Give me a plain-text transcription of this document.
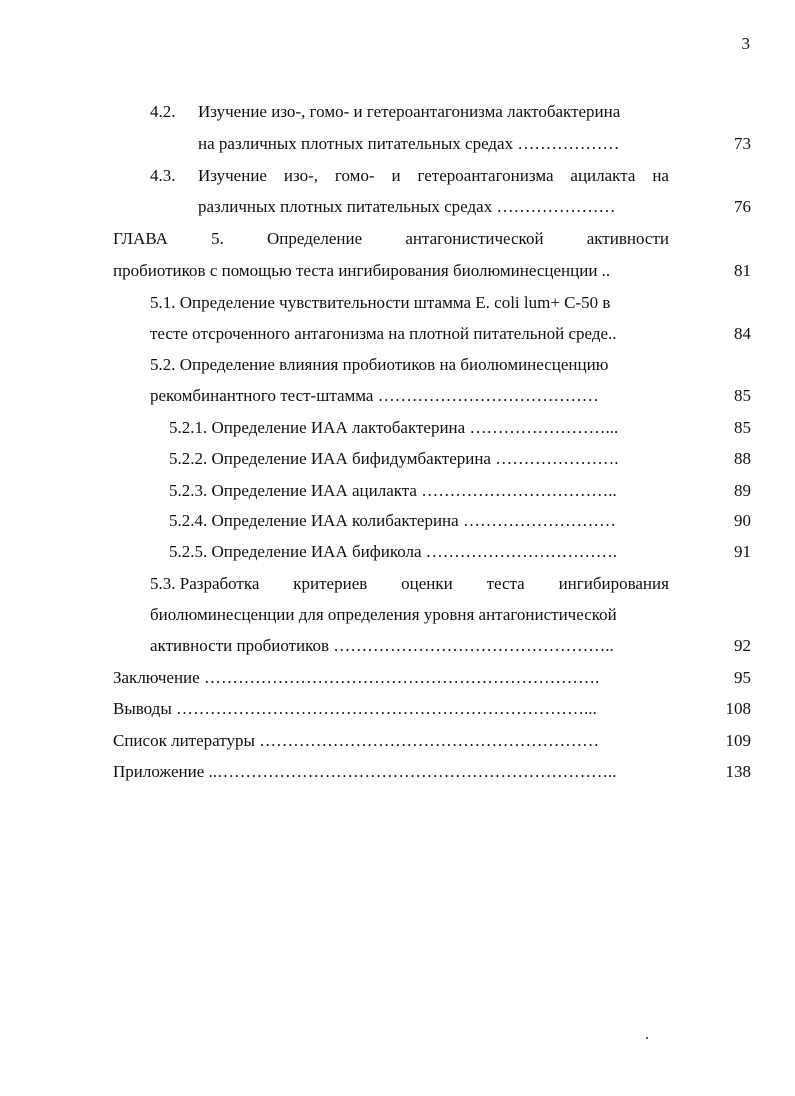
3
4.2. Изучение изо-, гомо- и гетероантагонизма лактобактерина
на различных плотных питательных средах ………………	73
4.3. Изучение изо-, гомо- и гетероантагонизма ацилакта на
различных плотных питательных средах …………………	76
ГЛАВА	5.	Определение	антагонистической	активности
пробиотиков с помощью теста ингибирования биолюминесценции ..	81
5.1. Определение чувствительности штамма E. coli lum+ C-50 в
тесте отсроченного антагонизма на плотной питательной среде..	84
5.2. Определение влияния пробиотиков на биолюминесценцию
рекомбинантного тест-штамма …………………………………	85
5.2.1. Определение ИАА лактобактерина ……………………...	85
5.2.2. Определение ИАА бифидумбактерина ………………….	88
5.2.3. Определение ИАА ацилакта ……………………………..	89
5.2.4. Определение ИАА колибактерина ………………………	90
5.2.5. Определение ИАА бификола …………………………….	91
5.3. Разработка критериев оценки теста ингибирования
биолюминесценции для определения уровня антагонистической
активности пробиотиков …………………………………………..	92
Заключение …………………………………………………………….	95
Выводы ………………………………………………………………...	108
Список литературы ……………………………………………………	109
Приложение ..……………………………………………………………..	138
